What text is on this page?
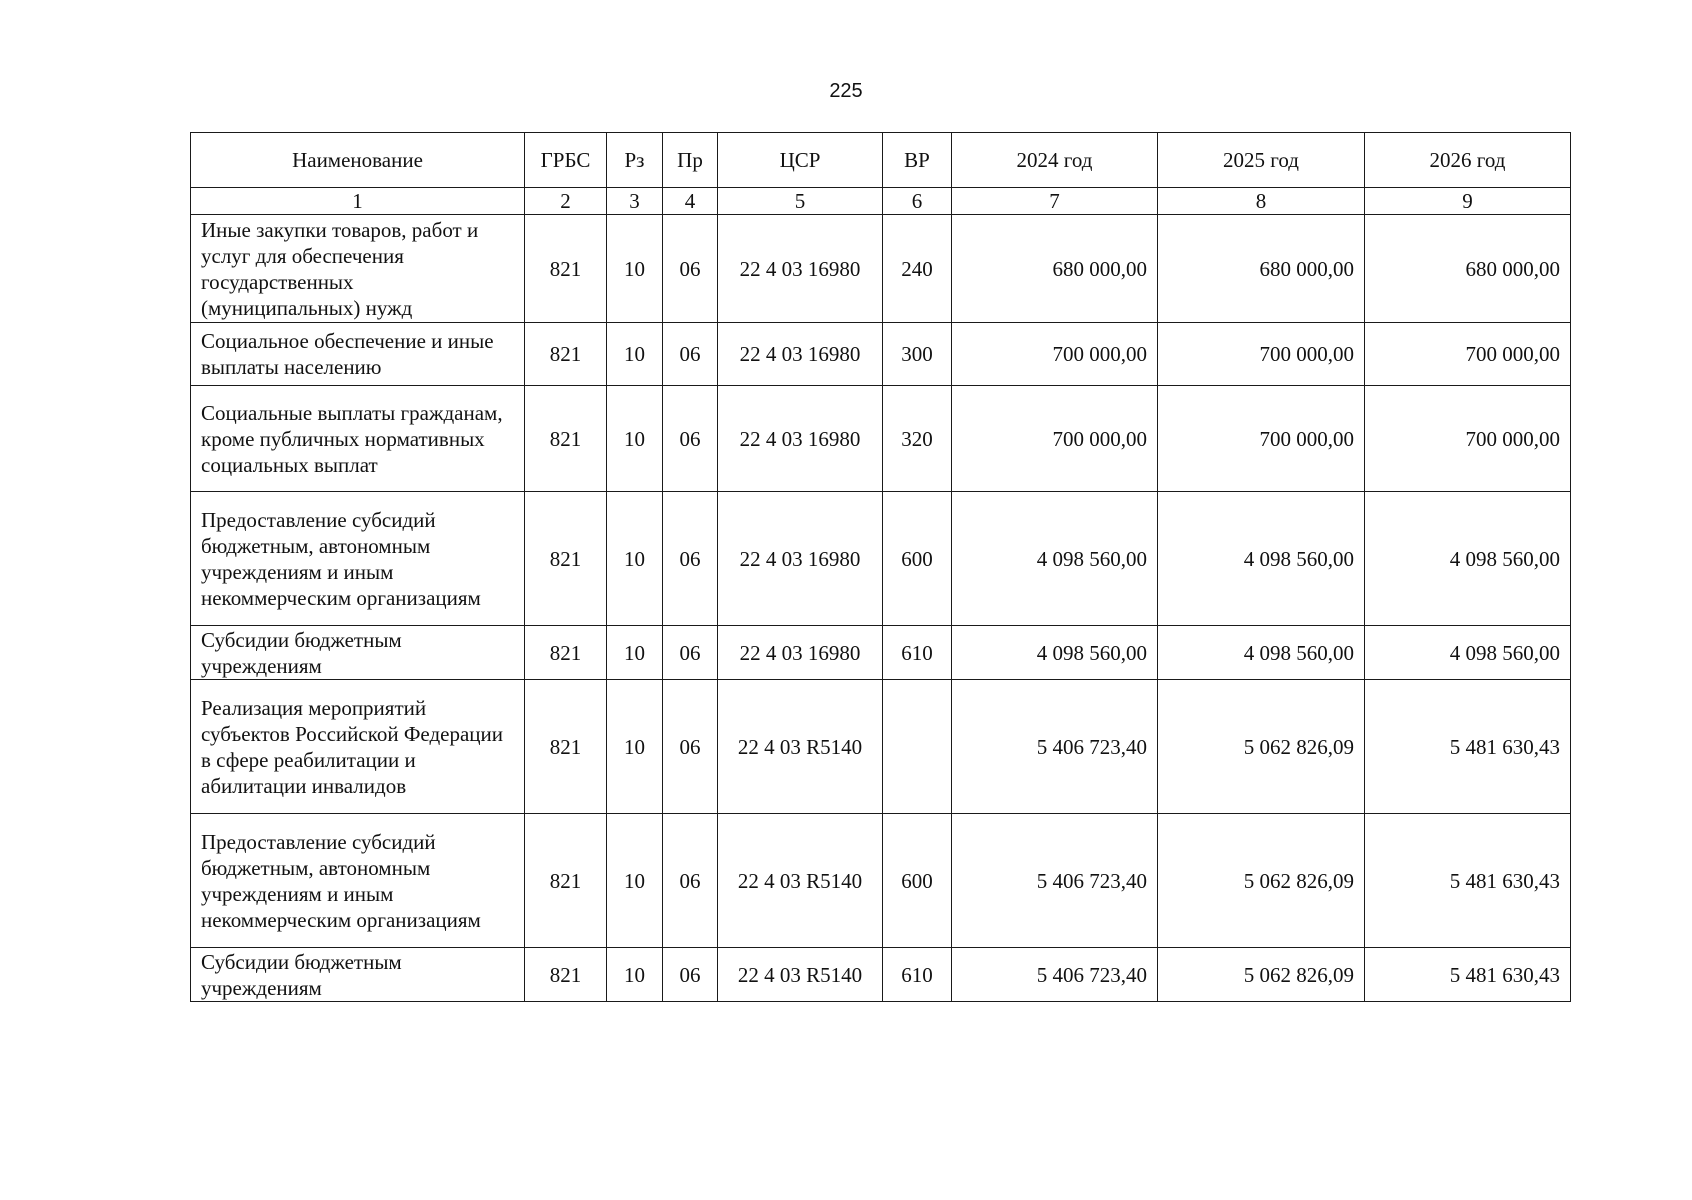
225
Наименование	ГРБС	Рз	Пр	ЦСР	ВР	2024 год	2025 год	2026 год
1	2	3	4	5	6	7	8	9
Иные закупки товаров, работ и услуг для обеспечения государственных (муниципальных) нужд	821	10	06	22 4 03 16980	240	680 000,00	680 000,00	680 000,00
Социальное обеспечение и иные выплаты населению	821	10	06	22 4 03 16980	300	700 000,00	700 000,00	700 000,00
Социальные выплаты гражданам, кроме публичных нормативных социальных выплат	821	10	06	22 4 03 16980	320	700 000,00	700 000,00	700 000,00
Предоставление субсидий бюджетным, автономным учреждениям и иным некоммерческим организациям	821	10	06	22 4 03 16980	600	4 098 560,00	4 098 560,00	4 098 560,00
Субсидии бюджетным учреждениям	821	10	06	22 4 03 16980	610	4 098 560,00	4 098 560,00	4 098 560,00
Реализация мероприятий субъектов Российской Федерации в сфере реабилитации и абилитации инвалидов	821	10	06	22 4 03 R5140		5 406 723,40	5 062 826,09	5 481 630,43
Предоставление субсидий бюджетным, автономным учреждениям и иным некоммерческим организациям	821	10	06	22 4 03 R5140	600	5 406 723,40	5 062 826,09	5 481 630,43
Субсидии бюджетным учреждениям	821	10	06	22 4 03 R5140	610	5 406 723,40	5 062 826,09	5 481 630,43
